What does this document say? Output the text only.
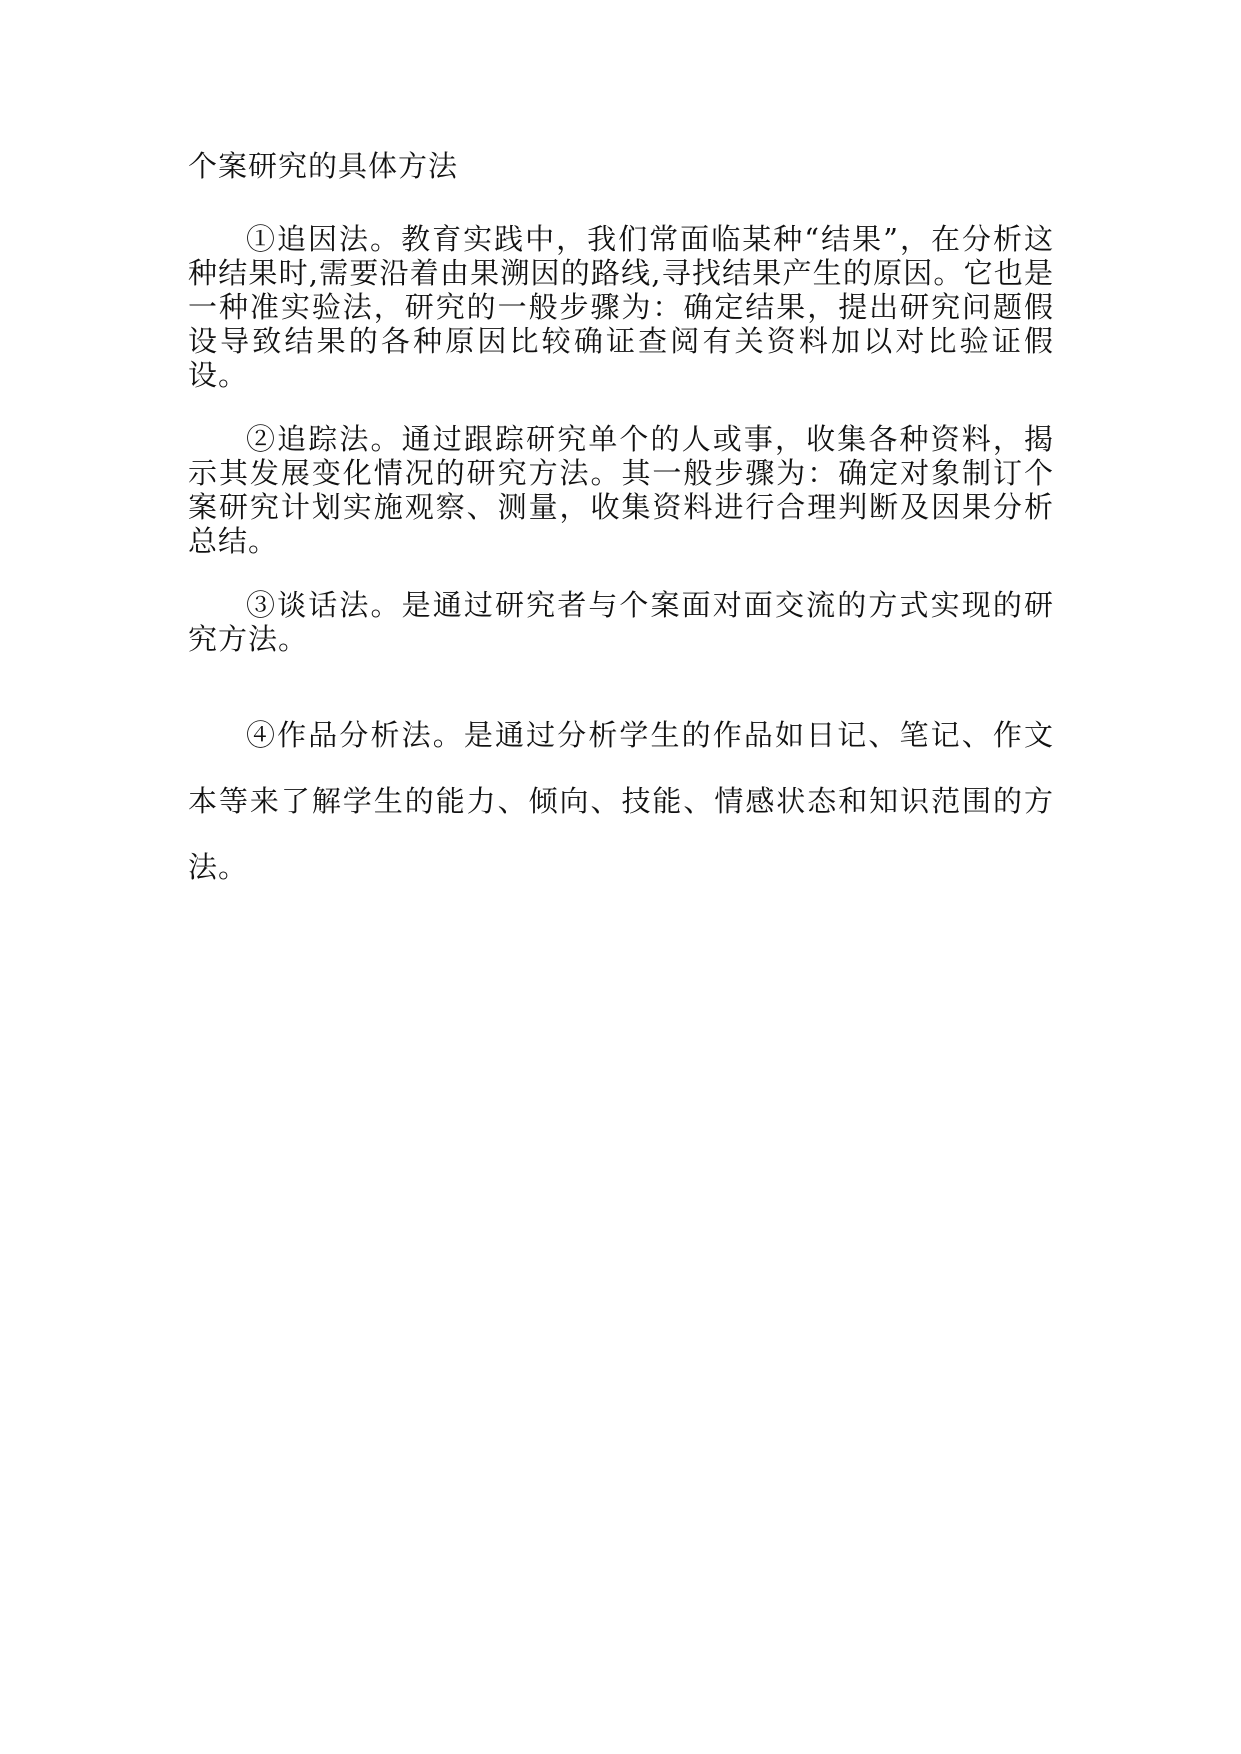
个案研究的具体方法

①追因法。教育实践中，我们常面临某种“结果”，在分析这种结果时,需要沿着由果溯因的路线,寻找结果产生的原因。它也是一种准实验法，研究的一般步骤为：确定结果，提出研究问题假设导致结果的各种原因比较确证查阅有关资料加以对比验证假设。

②追踪法。通过跟踪研究单个的人或事，收集各种资料，揭示其发展变化情况的研究方法。其一般步骤为：确定对象制订个案研究计划实施观察、测量，收集资料进行合理判断及因果分析总结。

③谈话法。是通过研究者与个案面对面交流的方式实现的研究方法。

④作品分析法。是通过分析学生的作品如日记、笔记、作文本等来了解学生的能力、倾向、技能、情感状态和知识范围的方法。
